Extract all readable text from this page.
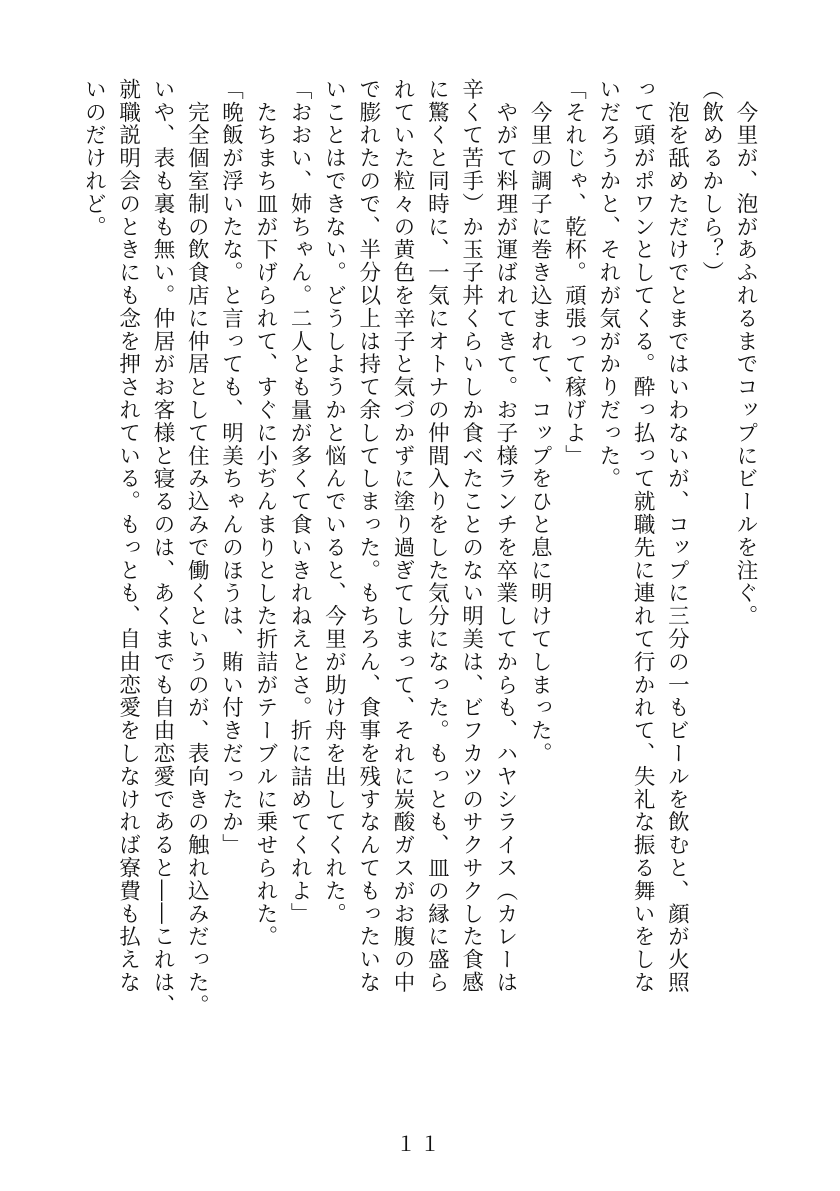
　今里が、泡があふれるまでコップにビールを注ぐ。
（飲めるかしら？）
　泡を舐めただけでとまではいわないが、コップに三分の一もビールを飲むと、顔が火照
って頭がポワンとしてくる。酔っ払って就職先に連れて行かれて、失礼な振る舞いをしな
いだろうかと、それが気がかりだった。
「それじゃ、乾杯。頑張って稼げよ」
　今里の調子に巻き込まれて、コップをひと息に明けてしまった。
　やがて料理が運ばれてきて。お子様ランチを卒業してからも、ハヤシライス（カレーは
辛くて苦手）か玉子丼くらいしか食べたことのない明美は、ビフカツのサクサクした食感
に驚くと同時に、一気にオトナの仲間入りをした気分になった。もっとも、皿の縁に盛ら
れていた粒々の黄色を辛子と気づかずに塗り過ぎてしまって、それに炭酸ガスがお腹の中
で膨れたので、半分以上は持て余してしまった。もちろん、食事を残すなんてもったいな
いことはできない。どうしようかと悩んでいると、今里が助け舟を出してくれた。
「おおい、姉ちゃん。二人とも量が多くて食いきれねえとさ。折に詰めてくれよ」
　たちまち皿が下げられて、すぐに小ぢんまりとした折詰がテーブルに乗せられた。
「晩飯が浮いたな。と言っても、明美ちゃんのほうは、賄い付きだったか」
　完全個室制の飲食店に仲居として住み込みで働くというのが、表向きの触れ込みだった。
いや、表も裏も無い。仲居がお客様と寝るのは、あくまでも自由恋愛であると――これは、
就職説明会のときにも念を押されている。もっとも、自由恋愛をしなければ寮費も払えな
いのだけれど。
１１
